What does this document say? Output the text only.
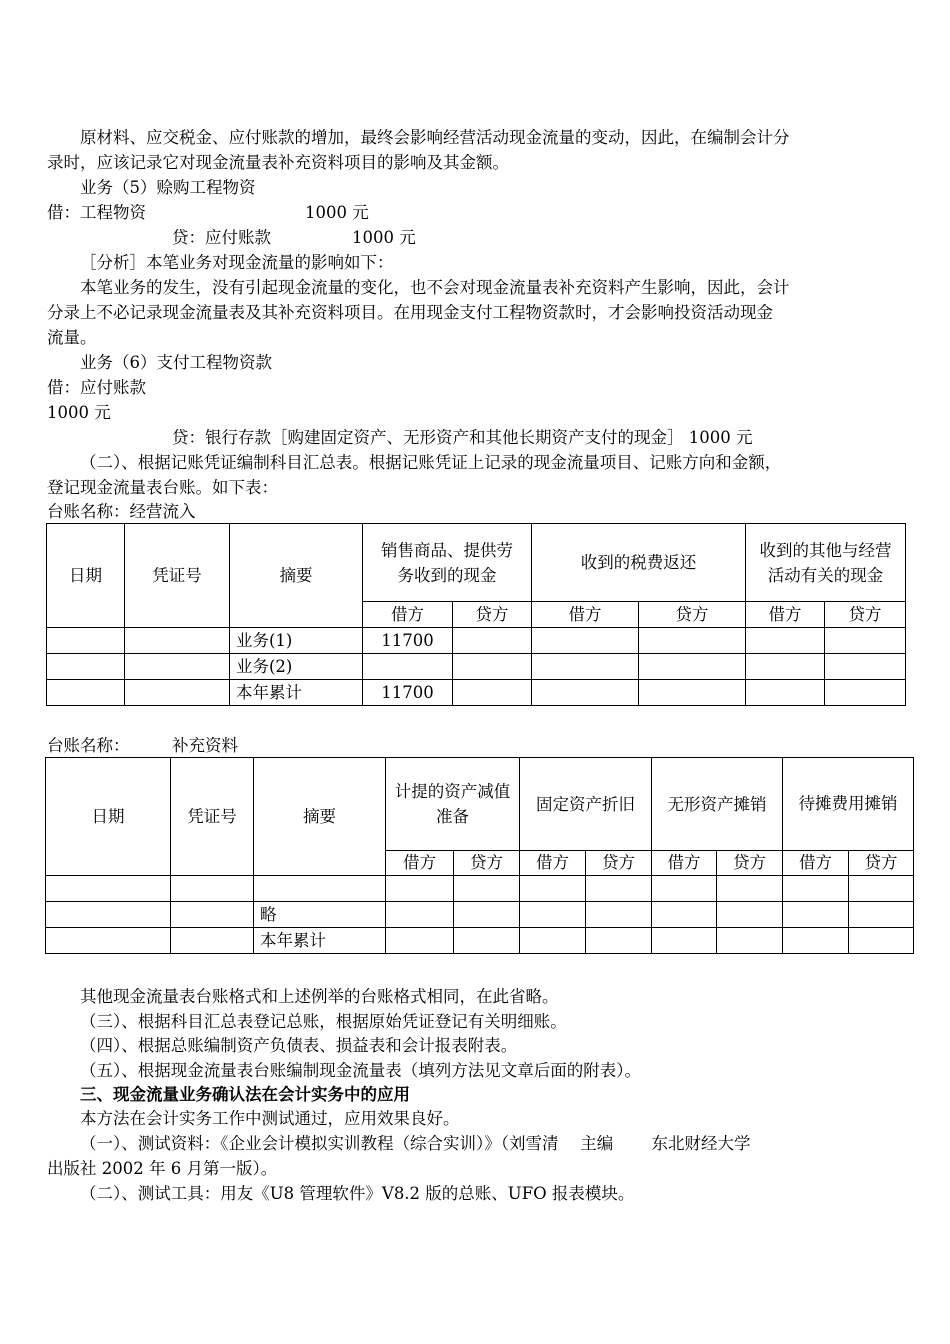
原材料、应交税金、应付账款的增加，最终会影响经营活动现金流量的变动，因此，在编制会计分
录时，应该记录它对现金流量表补充资料项目的影响及其金额。
业务（5）赊购工程物资
借：工程物资	1000 元
贷：应付账款	1000 元
［分析］本笔业务对现金流量的影响如下：
本笔业务的发生，没有引起现金流量的变化，也不会对现金流量表补充资料产生影响，因此，会计
分录上不必记录现金流量表及其补充资料项目。在用现金支付工程物资款时，才会影响投资活动现金
流量。
业务（6）支付工程物资款
借：应付账款
1000 元
贷：银行存款［购建固定资产、无形资产和其他长期资产支付的现金］ 1000 元
（二）、根据记账凭证编制科目汇总表。根据记账凭证上记录的现金流量项目、记账方向和金额，
登记现金流量表台账。如下表：
台账名称：经营流入
日期	凭证号	摘要	销售商品、提供劳务收到的现金		收到的税费返还		收到的其他与经营活动有关的现金	
			借方	贷方	借方	贷方	借方	贷方
		业务(1)	11700					
		业务(2)						
		本年累计	11700					
台账名称：	补充资料
日期	凭证号	摘要	计提的资产减值准备		固定资产折旧		无形资产摊销		待摊费用摊销	
			借方	贷方	借方	贷方	借方	贷方	借方	贷方

		略								
		本年累计								
其他现金流量表台账格式和上述例举的台账格式相同，在此省略。
（三）、根据科目汇总表登记总账，根据原始凭证登记有关明细账。
（四）、根据总账编制资产负债表、损益表和会计报表附表。
（五）、根据现金流量表台账编制现金流量表（填列方法见文章后面的附表）。
三、现金流量业务确认法在会计实务中的应用
本方法在会计实务工作中测试通过，应用效果良好。
（一）、测试资料：《企业会计模拟实训教程（综合实训）》（刘雪清　 主编　　 东北财经大学
出版社 2002 年 6 月第一版）。
（二）、测试工具：用友《U8 管理软件》V8.2 版的总账、UFO 报表模块。
